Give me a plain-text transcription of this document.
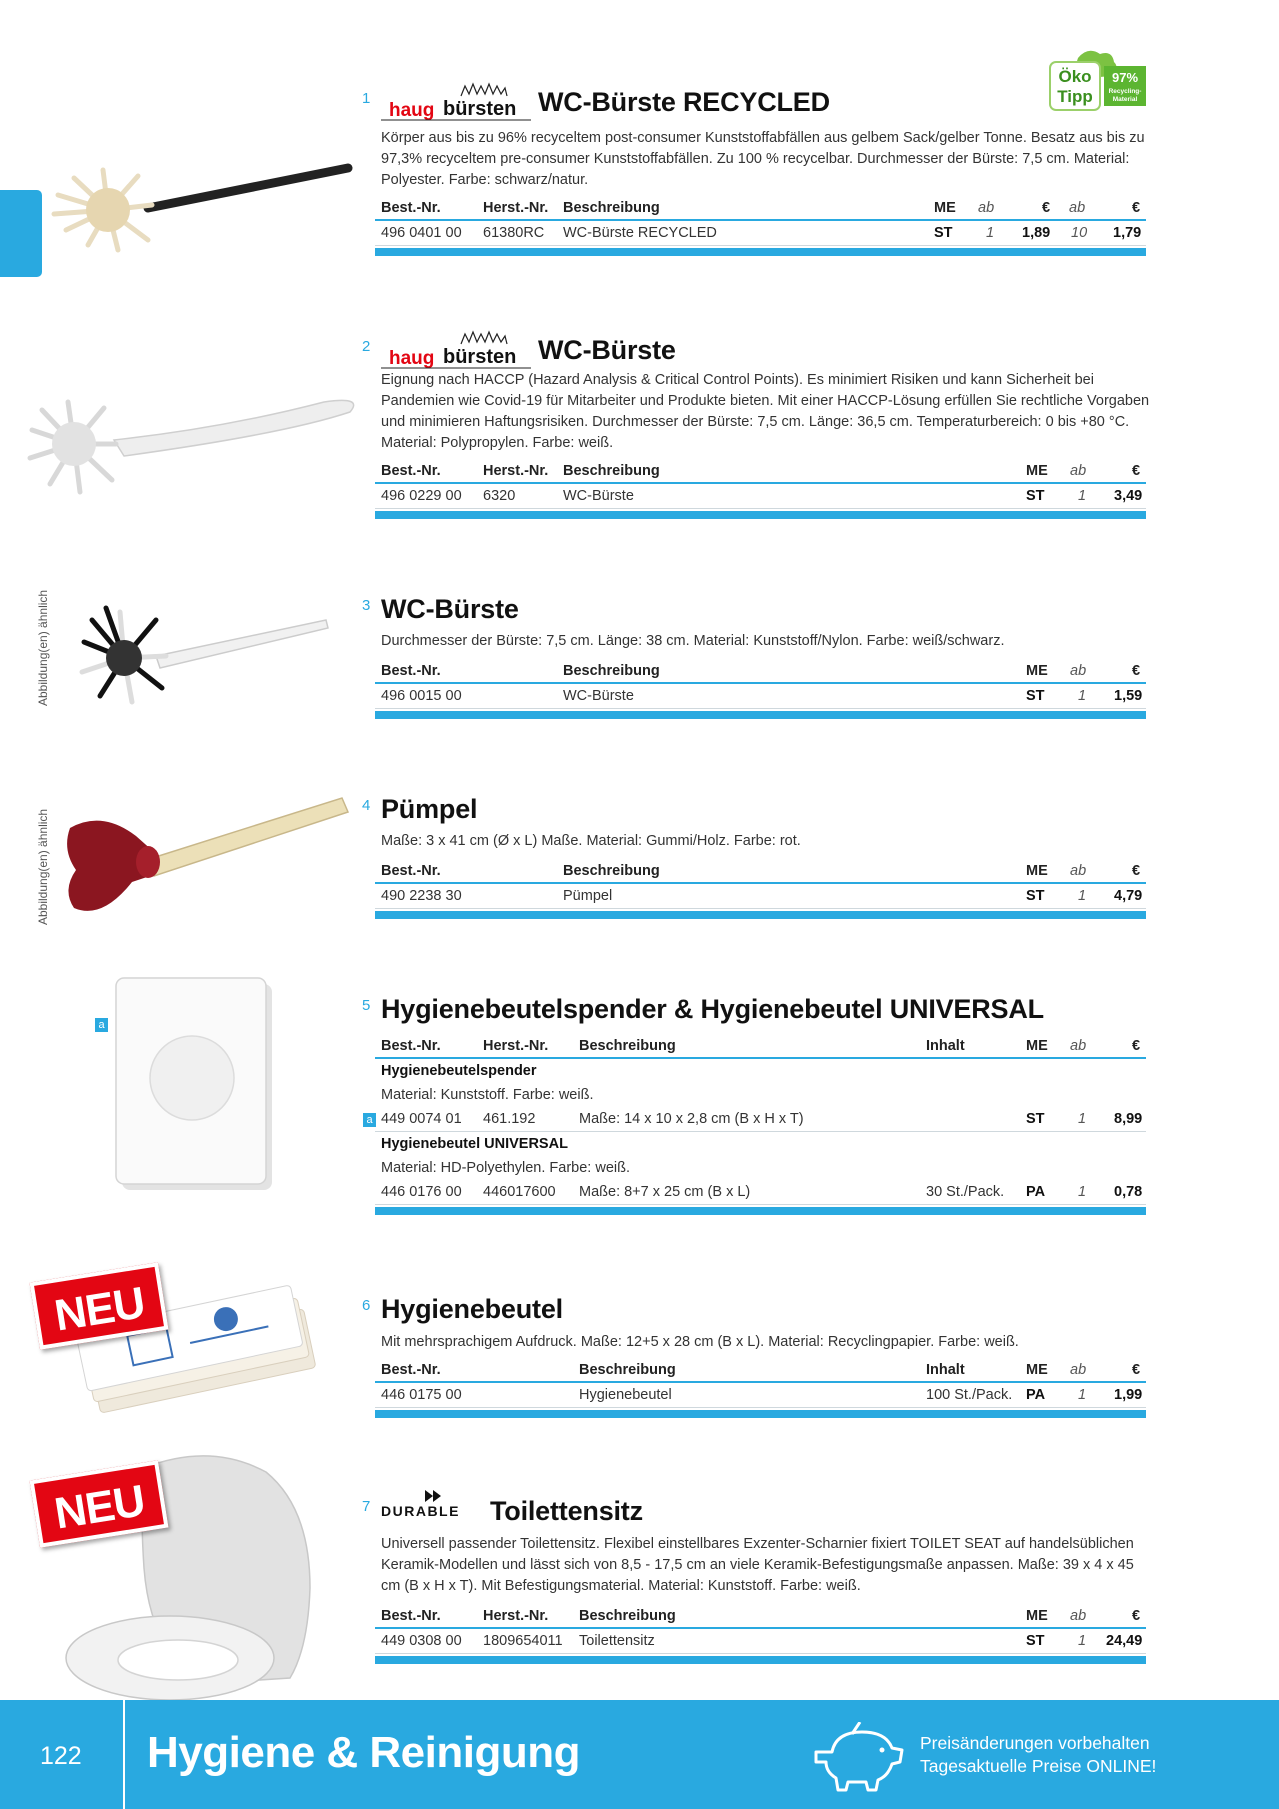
Abbildung(en) ähnlich
Abbildung(en) ähnlich
Öko
Tipp
97%
Recycling-
Material
1
haug bürsten WC-Bürste RECYCLED
Körper aus bis zu 96% recyceltem post-consumer Kunststoffabfällen aus gelbem Sack/gelber Tonne. Besatz aus bis zu 97,3% recyceltem pre-consumer Kunststoffabfällen. Zu 100 % recycelbar. Durchmesser der Bürste: 7,5 cm. Material: Polyester. Farbe: schwarz/natur.
Best.-Nr.	Herst.-Nr. Beschreibung	ME ab	€ ab	€
496 0401 00 61380RC WC-Bürste RECYCLED	ST 1 1,89 10 1,79
2
haug bürsten WC-Bürste
Eignung nach HACCP (Hazard Analysis & Critical Control Points). Es minimiert Risiken und kann Sicherheit bei Pandemien wie Covid-19 für Mitarbeiter und Produkte bieten. Mit einer HACCP-Lösung erfüllen Sie rechtliche Vorgaben und minimieren Haftungsrisiken. Durchmesser der Bürste: 7,5 cm. Länge: 36,5 cm. Temperaturbereich: 0 bis +80 °C. Material: Polypropylen. Farbe: weiß.
Best.-Nr.	Herst.-Nr. Beschreibung	ME ab	€
496 0229 00 6320	WC-Bürste	ST 1 3,49
3 WC-Bürste
Durchmesser der Bürste: 7,5 cm. Länge: 38 cm. Material: Kunststoff/Nylon. Farbe: weiß/schwarz.
Best.-Nr.	Beschreibung	ME ab	€
496 0015 00	WC-Bürste	ST 1 1,59
4 Pümpel
Maße: 3 x 41 cm (Ø x L) Maße. Material: Gummi/Holz. Farbe: rot.
Best.-Nr.	Beschreibung	ME ab	€
490 2238 30	Pümpel	ST 1 4,79
a
5 Hygienebeutelspender & Hygienebeutel UNIVERSAL
Best.-Nr.	Herst.-Nr. Beschreibung	Inhalt	ME ab	€
Hygienebeutelspender
Material: Kunststoff. Farbe: weiß.
a 449 0074 01 461.192	Maße: 14 x 10 x 2,8 cm (B x H x T)	ST 1 8,99
Hygienebeutel UNIVERSAL
Material: HD-Polyethylen. Farbe: weiß.
446 0176 00 446017600 Maße: 8+7 x 25 cm (B x L)	30 St./Pack. PA 1 0,78
NEU	6 Hygienebeutel
Mit mehrsprachigem Aufdruck. Maße: 12+5 x 28 cm (B x L). Material: Recyclingpapier. Farbe: weiß.
Best.-Nr.	Beschreibung	Inhalt	ME ab	€
446 0175 00	Hygienebeutel	100 St./Pack. PA 1 1,99
NEU	7 DURABLE Toilettensitz
Universell passender Toilettensitz. Flexibel einstellbares Exzenter-Scharnier fixiert TOILET SEAT auf handelsüblichen Keramik-Modellen und lässt sich von 8,5 - 17,5 cm an viele Keramik-Befestigungsmaße anpassen. Maße: 39 x 4 x 45 cm (B x H x T). Mit Befestigungsmaterial. Material: Kunststoff. Farbe: weiß.
Best.-Nr.	Herst.-Nr. Beschreibung	ME ab	€
449 0308 00 1809654011 Toilettensitz	ST 1 24,49
122 Hygiene & Reinigung	Preisänderungen vorbehalten
Tagesaktuelle Preise ONLINE!
